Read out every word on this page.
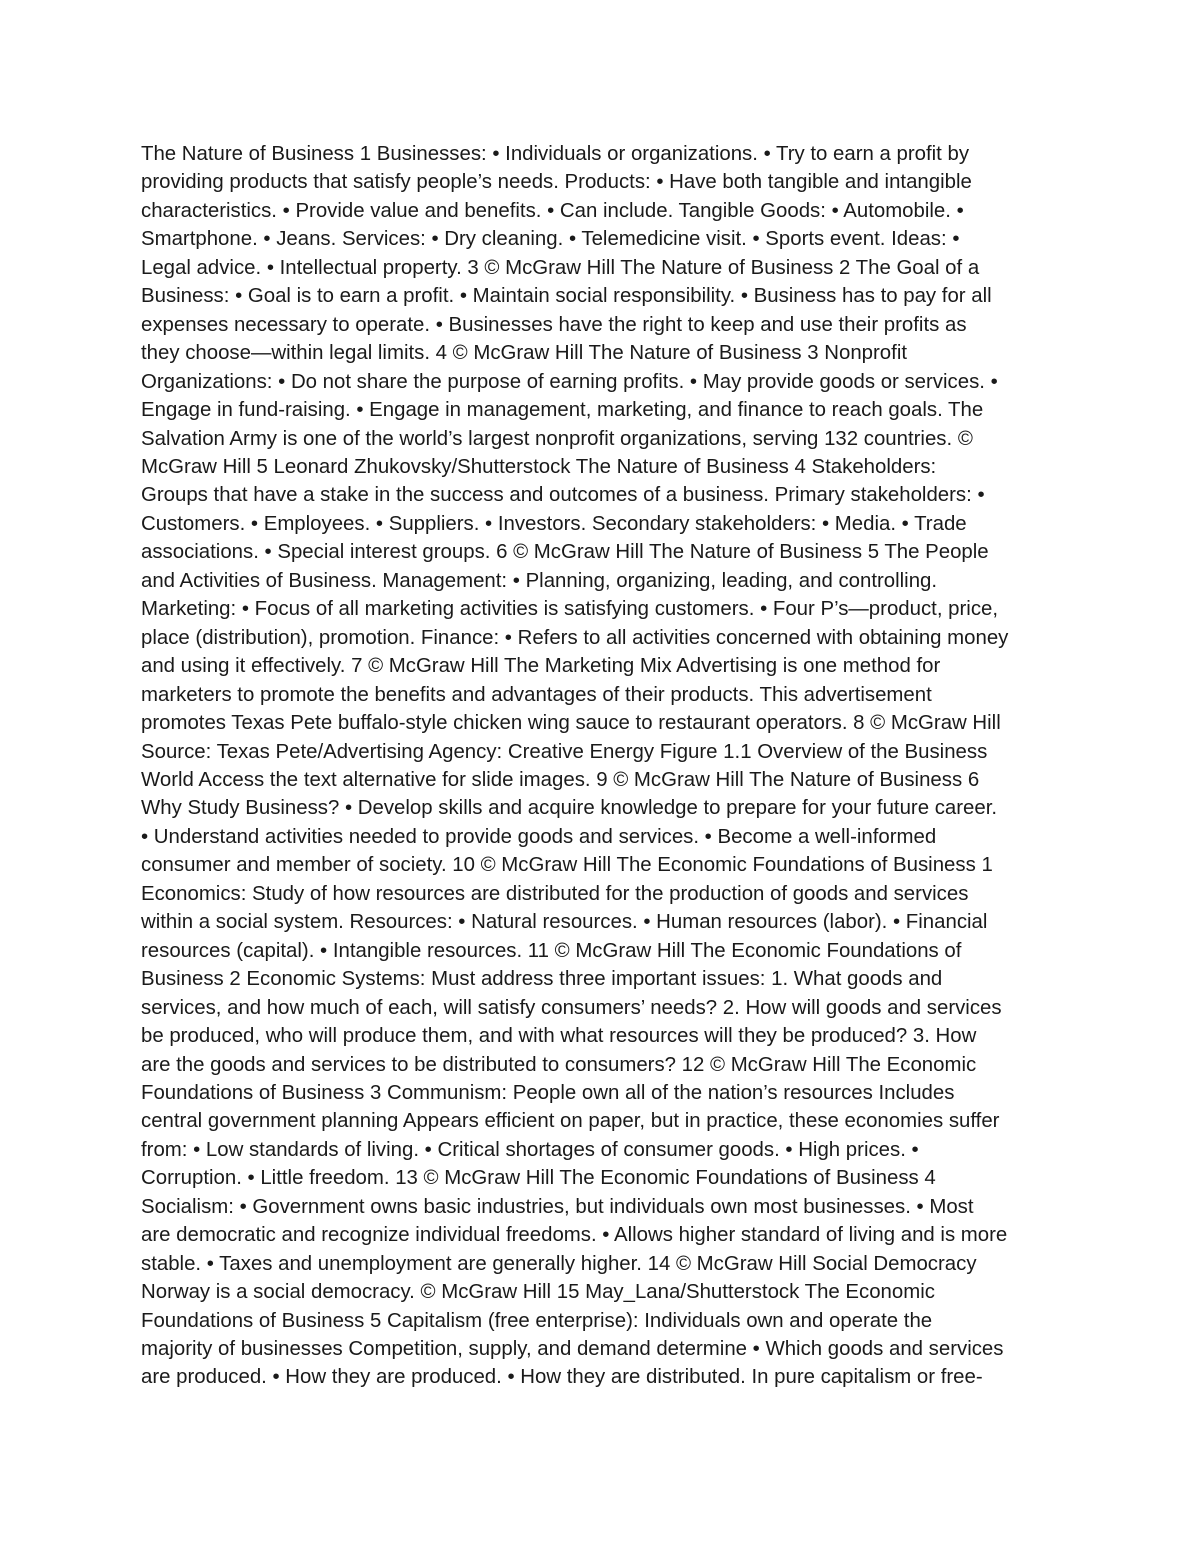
The Nature of Business 1 Businesses: • Individuals or organizations. • Try to earn a profit by
providing products that satisfy people’s needs. Products: • Have both tangible and intangible
characteristics. • Provide value and benefits. • Can include. Tangible Goods: • Automobile. •
Smartphone. • Jeans. Services: • Dry cleaning. • Telemedicine visit. • Sports event. Ideas: •
Legal advice. • Intellectual property. 3 © McGraw Hill The Nature of Business 2 The Goal of a
Business: • Goal is to earn a profit. • Maintain social responsibility. • Business has to pay for all
expenses necessary to operate. • Businesses have the right to keep and use their profits as
they choose—within legal limits. 4 © McGraw Hill The Nature of Business 3 Nonprofit
Organizations: • Do not share the purpose of earning profits. • May provide goods or services. •
Engage in fund-raising. • Engage in management, marketing, and finance to reach goals. The
Salvation Army is one of the world’s largest nonprofit organizations, serving 132 countries. ©
McGraw Hill 5 Leonard Zhukovsky/Shutterstock The Nature of Business 4 Stakeholders:
Groups that have a stake in the success and outcomes of a business. Primary stakeholders: •
Customers. • Employees. • Suppliers. • Investors. Secondary stakeholders: • Media. • Trade
associations. • Special interest groups. 6 © McGraw Hill The Nature of Business 5 The People
and Activities of Business. Management: • Planning, organizing, leading, and controlling.
Marketing: • Focus of all marketing activities is satisfying customers. • Four P’s—product, price,
place (distribution), promotion. Finance: • Refers to all activities concerned with obtaining money
and using it effectively. 7 © McGraw Hill The Marketing Mix Advertising is one method for
marketers to promote the benefits and advantages of their products. This advertisement
promotes Texas Pete buffalo-style chicken wing sauce to restaurant operators. 8 © McGraw Hill
Source: Texas Pete/Advertising Agency: Creative Energy Figure 1.1 Overview of the Business
World Access the text alternative for slide images. 9 © McGraw Hill The Nature of Business 6
Why Study Business? • Develop skills and acquire knowledge to prepare for your future career.
• Understand activities needed to provide goods and services. • Become a well-informed
consumer and member of society. 10 © McGraw Hill The Economic Foundations of Business 1
Economics: Study of how resources are distributed for the production of goods and services
within a social system. Resources: • Natural resources. • Human resources (labor). • Financial
resources (capital). • Intangible resources. 11 © McGraw Hill The Economic Foundations of
Business 2 Economic Systems: Must address three important issues: 1. What goods and
services, and how much of each, will satisfy consumers’ needs? 2. How will goods and services
be produced, who will produce them, and with what resources will they be produced? 3. How
are the goods and services to be distributed to consumers? 12 © McGraw Hill The Economic
Foundations of Business 3 Communism: People own all of the nation’s resources Includes
central government planning Appears efficient on paper, but in practice, these economies suffer
from: • Low standards of living. • Critical shortages of consumer goods. • High prices. •
Corruption. • Little freedom. 13 © McGraw Hill The Economic Foundations of Business 4
Socialism: • Government owns basic industries, but individuals own most businesses. • Most
are democratic and recognize individual freedoms. • Allows higher standard of living and is more
stable. • Taxes and unemployment are generally higher. 14 © McGraw Hill Social Democracy
Norway is a social democracy. © McGraw Hill 15 May_Lana/Shutterstock The Economic
Foundations of Business 5 Capitalism (free enterprise): Individuals own and operate the
majority of businesses Competition, supply, and demand determine • Which goods and services
are produced. • How they are produced. • How they are distributed. In pure capitalism or free-
